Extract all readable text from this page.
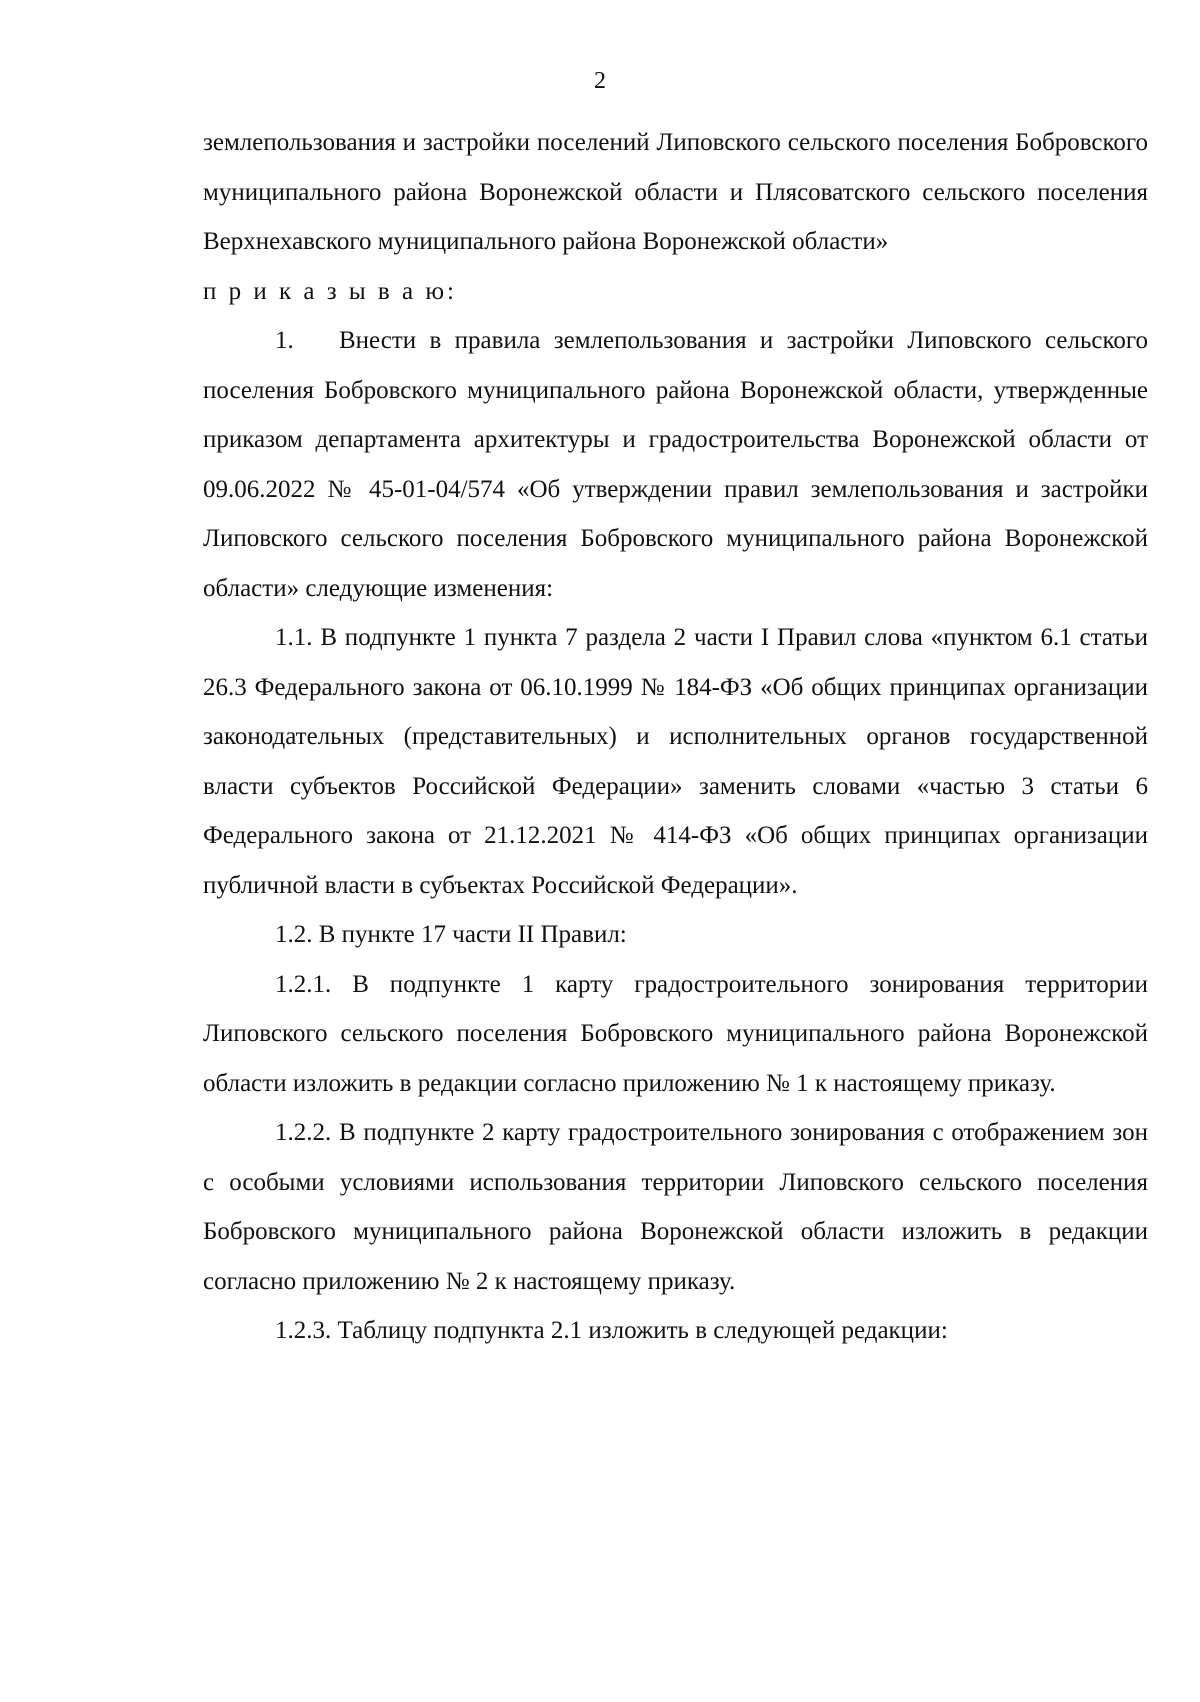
2

землепользования и застройки поселений Липовского сельского поселения Бобровского муниципального района Воронежской области и Плясоватского сельского поселения Верхнехавского муниципального района Воронежской области»

п р и к а з ы в а ю:

1. Внести в правила землепользования и застройки Липовского сельского поселения Бобровского муниципального района Воронежской области, утвержденные приказом департамента архитектуры и градостроительства Воронежской области от 09.06.2022 № 45-01-04/574 «Об утверждении правил землепользования и застройки Липовского сельского поселения Бобровского муниципального района Воронежской области» следующие изменения:

1.1. В подпункте 1 пункта 7 раздела 2 части I Правил слова «пунктом 6.1 статьи 26.3 Федерального закона от 06.10.1999 № 184-ФЗ «Об общих принципах организации законодательных (представительных) и исполнительных органов государственной власти субъектов Российской Федерации» заменить словами «частью 3 статьи 6 Федерального закона от 21.12.2021 № 414-ФЗ «Об общих принципах организации публичной власти в субъектах Российской Федерации».

1.2. В пункте 17 части II Правил:

1.2.1. В подпункте 1 карту градостроительного зонирования территории Липовского сельского поселения Бобровского муниципального района Воронежской области изложить в редакции согласно приложению № 1 к настоящему приказу.

1.2.2. В подпункте 2 карту градостроительного зонирования с отображением зон с особыми условиями использования территории Липовского сельского поселения Бобровского муниципального района Воронежской области изложить в редакции согласно приложению № 2 к настоящему приказу.

1.2.3. Таблицу подпункта 2.1 изложить в следующей редакции:
